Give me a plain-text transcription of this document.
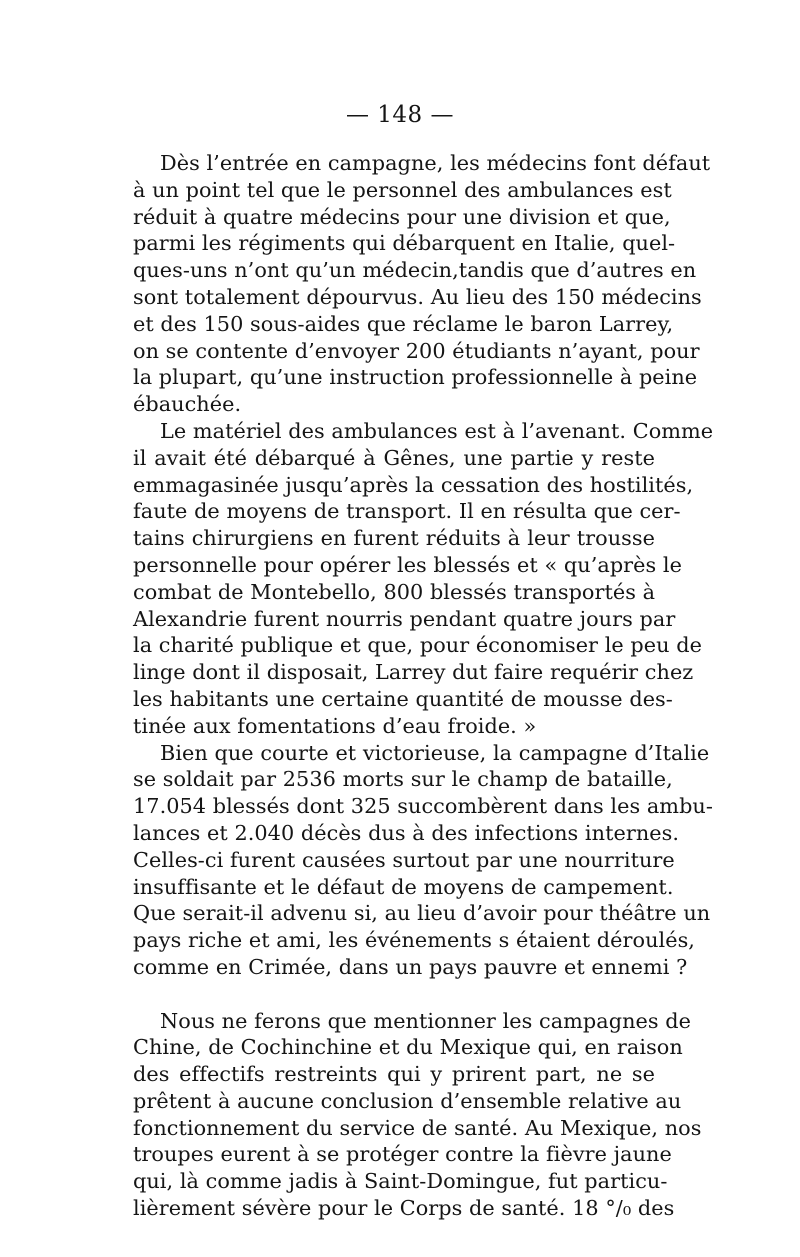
— 148 —
Dès l’entrée en campagne, les médecins font défaut
à un point tel que le personnel des ambulances est
réduit à quatre médecins pour une division et que,
parmi les régiments qui débarquent en Italie, quel-
ques-uns n’ont qu’un médecin,tandis que d’autres en
sont totalement dépourvus. Au lieu des 150 médecins
et des 150 sous-aides que réclame le baron Larrey,
on se contente d’envoyer 200 étudiants n’ayant, pour
la plupart, qu’une instruction professionnelle à peine
ébauchée.
Le matériel des ambulances est à l’avenant. Comme
il avait été débarqué à Gênes, une partie y reste
emmagasinée jusqu’après la cessation des hostilités,
faute de moyens de transport. Il en résulta que cer-
tains chirurgiens en furent réduits à leur trousse
personnelle pour opérer les blessés et « qu’après le
combat de Montebello, 800 blessés transportés à
Alexandrie furent nourris pendant quatre jours par
la charité publique et que, pour économiser le peu de
linge dont il disposait, Larrey dut faire requérir chez
les habitants une certaine quantité de mousse des-
tinée aux fomentations d’eau froide. »
Bien que courte et victorieuse, la campagne d’Italie
se soldait par 2536 morts sur le champ de bataille,
17.054 blessés dont 325 succombèrent dans les ambu-
lances et 2.040 décès dus à des infections internes.
Celles-ci furent causées surtout par une nourriture
insuffisante et le défaut de moyens de campement.
Que serait-il advenu si, au lieu d’avoir pour théâtre un
pays riche et ami, les événements s étaient déroulés,
comme en Crimée, dans un pays pauvre et ennemi ?
Nous ne ferons que mentionner les campagnes de
Chine, de Cochinchine et du Mexique qui, en raison
des effectifs restreints qui y prirent part, ne se
prêtent à aucune conclusion d’ensemble relative au
fonctionnement du service de santé. Au Mexique, nos
troupes eurent à se protéger contre la fièvre jaune
qui, là comme jadis à Saint-Domingue, fut particu-
lièrement sévère pour le Corps de santé. 18 °/₀ des
